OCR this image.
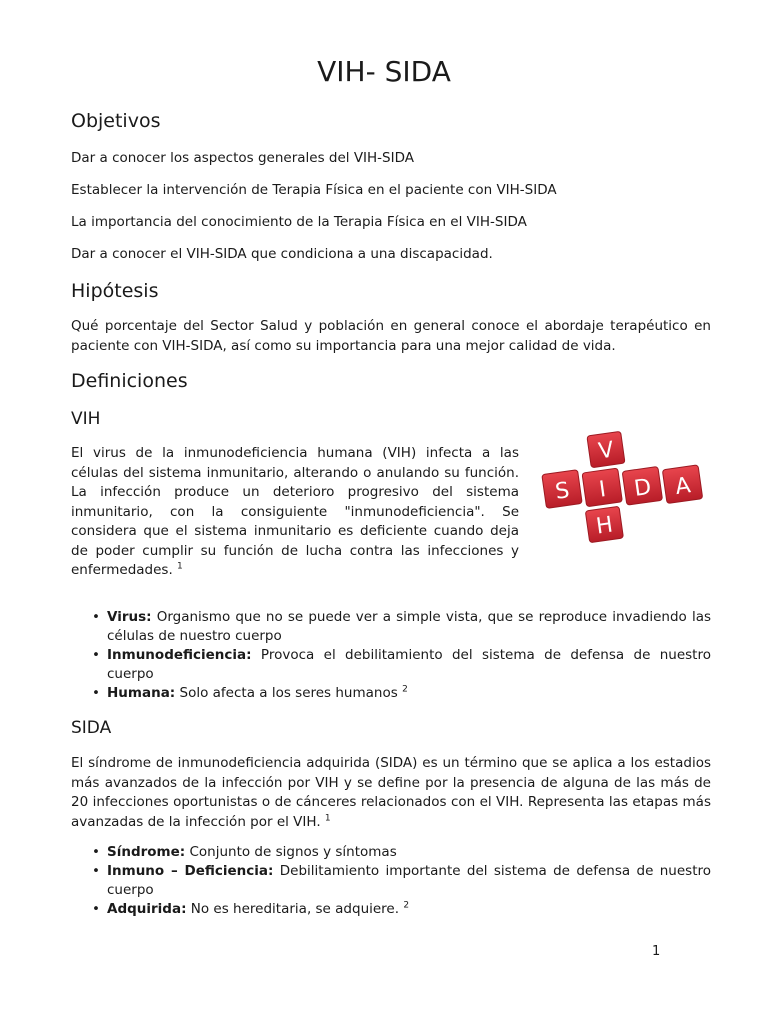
VIH- SIDA
Objetivos

Dar a conocer los aspectos generales del VIH-SIDA

Establecer la intervención de Terapia Física en el paciente con VIH-SIDA

La importancia del conocimiento de la Terapia Física en el VIH-SIDA

Dar a conocer el VIH-SIDA que condiciona a una discapacidad.

Hipótesis

Qué porcentaje del Sector Salud y población en general conoce el abordaje terapéutico en paciente con VIH-SIDA, así como su importancia para una mejor calidad de vida.

Definiciones
VIH

El virus de la inmunodeficiencia humana (VIH) infecta a las células del sistema inmunitario, alterando o anulando su función. La infección produce un deterioro progresivo del sistema inmunitario, con la consiguiente "inmunodeficiencia". Se considera que el sistema inmunitario es deficiente cuando deja de poder cumplir su función de lucha contra las infecciones y enfermedades. $^1$

V
S I D A
H
• Virus: Organismo que no se puede ver a simple vista, que se reproduce invadiendo las células de nuestro cuerpo
• Inmunodeficiencia: Provoca el debilitamiento del sistema de defensa de nuestro cuerpo
• Humana: Solo afecta a los seres humanos $^2$
SIDA

El síndrome de inmunodeficiencia adquirida (SIDA) es un término que se aplica a los estadios más avanzados de la infección por VIH y se define por la presencia de alguna de las más de 20 infecciones oportunistas o de cánceres relacionados con el VIH. Representa las etapas más avanzadas de la infección por el VIH. $^1$

• Síndrome: Conjunto de signos y síntomas
• Inmuno – Deficiencia: Debilitamiento importante del sistema de defensa de nuestro cuerpo
• Adquirida: No es hereditaria, se adquiere. $^2$
1
